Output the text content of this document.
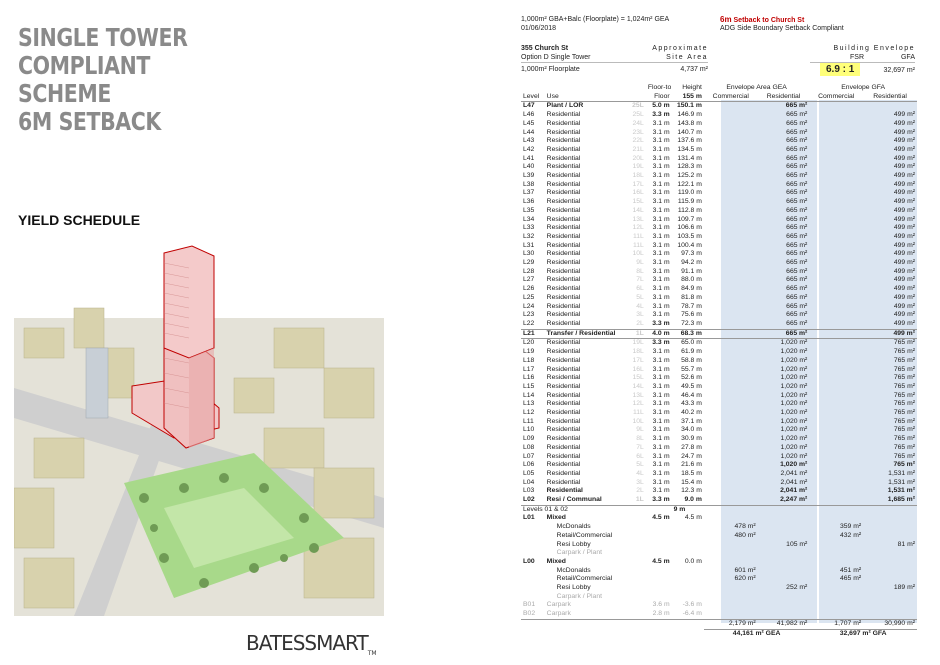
SINGLE TOWER
COMPLIANT SCHEME
6M SETBACK
YIELD SCHEDULE
$BATESSMART_{TM}$
1,000m² GBA+Balc (Floorplate) = 1,024m² GEA
01/06/2018
6m Setback to Church St
ADG Side Boundary Setback Compliant
355 Church St
Option D Single Tower
1,000m² Floorplate
Approximate
Site Area
4,737 m²
Building Envelope
FSR	GFA
6.9 : 1	32,697 m²
			Floor-to	Height	Envelope Area GEA		Envelope GFA	
Level	Use		Floor	155 m	Commercial	Residential	Commercial	Residential
L47	Plant / LOR	25L	5.0 m	150.1 m		665 m²		
L46	Residential	25L	3.3 m	146.9 m		665 m²		499 m²
L45	Residential	24L	3.1 m	143.8 m		665 m²		499 m²
L44	Residential	23L	3.1 m	140.7 m		665 m²		499 m²
L43	Residential	22L	3.1 m	137.6 m		665 m²		499 m²
L42	Residential	21L	3.1 m	134.5 m		665 m²		499 m²
L41	Residential	20L	3.1 m	131.4 m		665 m²		499 m²
L40	Residential	19L	3.1 m	128.3 m		665 m²		499 m²
L39	Residential	18L	3.1 m	125.2 m		665 m²		499 m²
L38	Residential	17L	3.1 m	122.1 m		665 m²		499 m²
L37	Residential	16L	3.1 m	119.0 m		665 m²		499 m²
L36	Residential	15L	3.1 m	115.9 m		665 m²		499 m²
L35	Residential	14L	3.1 m	112.8 m		665 m²		499 m²
L34	Residential	13L	3.1 m	109.7 m		665 m²		499 m²
L33	Residential	12L	3.1 m	106.6 m		665 m²		499 m²
L32	Residential	11L	3.1 m	103.5 m		665 m²		499 m²
L31	Residential	11L	3.1 m	100.4 m		665 m²		499 m²
L30	Residential	10L	3.1 m	97.3 m		665 m²		499 m²
L29	Residential	9L	3.1 m	94.2 m		665 m²		499 m²
L28	Residential	8L	3.1 m	91.1 m		665 m²		499 m²
L27	Residential	7L	3.1 m	88.0 m		665 m²		499 m²
L26	Residential	6L	3.1 m	84.9 m		665 m²		499 m²
L25	Residential	5L	3.1 m	81.8 m		665 m²		499 m²
L24	Residential	4L	3.1 m	78.7 m		665 m²		499 m²
L23	Residential	3L	3.1 m	75.6 m		665 m²		499 m²
L22	Residential	2L	3.3 m	72.3 m		665 m²		499 m²
L21	Transfer / Residential	1L	4.0 m	68.3 m		665 m²		499 m²
L20	Residential	19L	3.3 m	65.0 m		1,020 m²		765 m²
L19	Residential	18L	3.1 m	61.9 m		1,020 m²		765 m²
L18	Residential	17L	3.1 m	58.8 m		1,020 m²		765 m²
L17	Residential	16L	3.1 m	55.7 m		1,020 m²		765 m²
L16	Residential	15L	3.1 m	52.6 m		1,020 m²		765 m²
L15	Residential	14L	3.1 m	49.5 m		1,020 m²		765 m²
L14	Residential	13L	3.1 m	46.4 m		1,020 m²		765 m²
L13	Residential	12L	3.1 m	43.3 m		1,020 m²		765 m²
L12	Residential	11L	3.1 m	40.2 m		1,020 m²		765 m²
L11	Residential	10L	3.1 m	37.1 m		1,020 m²		765 m²
L10	Residential	9L	3.1 m	34.0 m		1,020 m²		765 m²
L09	Residential	8L	3.1 m	30.9 m		1,020 m²		765 m²
L08	Residential	7L	3.1 m	27.8 m		1,020 m²		765 m²
L07	Residential	6L	3.1 m	24.7 m		1,020 m²		765 m²
L06	Residential	5L	3.1 m	21.6 m		1,020 m²		765 m²
L05	Residential	4L	3.1 m	18.5 m		2,041 m²		1,531 m²
L04	Residential	3L	3.1 m	15.4 m		2,041 m²		1,531 m²
L03	Residential	2L	3.1 m	12.3 m		2,041 m²		1,531 m²
L02	Resi / Communal	1L	3.3 m	9.0 m		2,247 m²		1,685 m²
Levels 01 & 02				9 m				
L01	Mixed		4.5 m	4.5 m				
	McDonalds				478 m²		359 m²	
	Retail/Commercial				480 m²		432 m²	
	Resi Lobby					105 m²		81 m²
	Carpark / Plant							
L00	Mixed		4.5 m	0.0 m				
	McDonalds				601 m²		451 m²	
	Retail/Commercial				620 m²		465 m²	
	Resi Lobby					252 m²		189 m²
	Carpark / Plant							
B01	Carpark		3.6 m	-3.6 m				
B02	Carpark		2.8 m	-6.4 m				
					2,179 m²	41,982 m²	1,707 m²	30,990 m²
					44,161 m² GEA		32,697 m² GFA	
